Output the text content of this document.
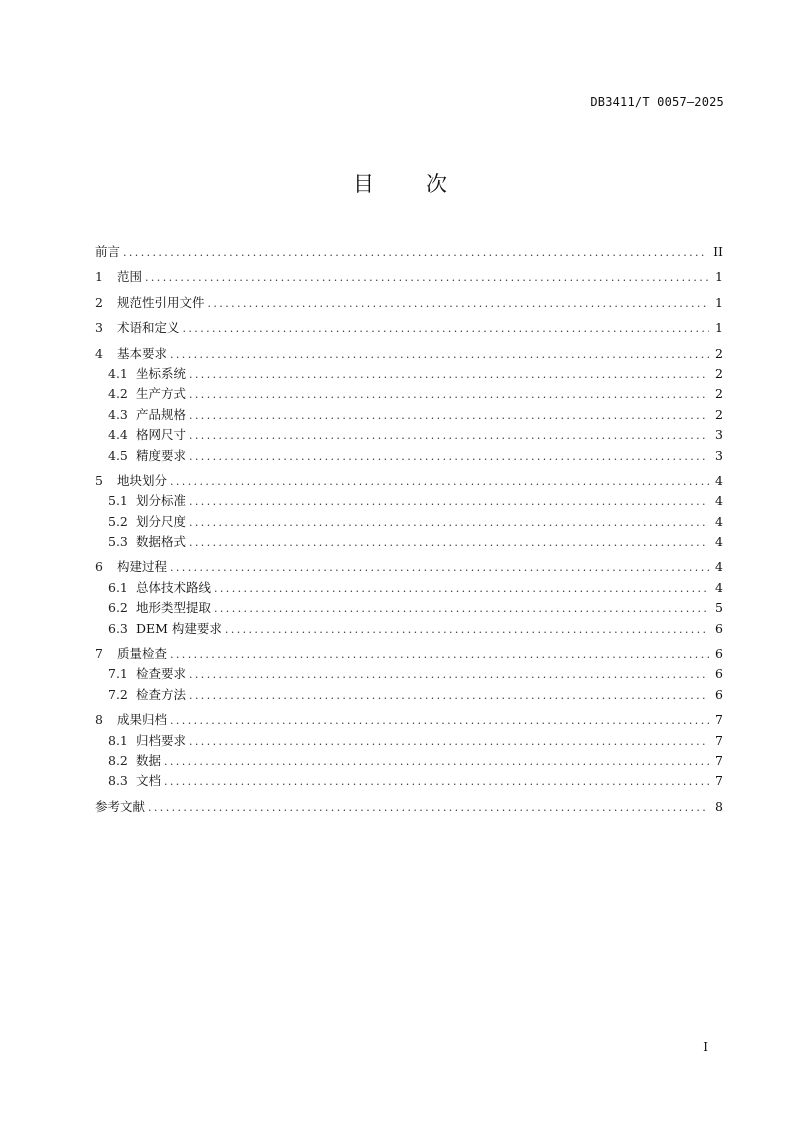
DB3411/T 0057—2025
目 次
前言 .....	II
1	范围 .....	1
2	规范性引用文件 .....	1
3	术语和定义 .....	1
4	基本要求 .....	2
4.1 坐标系统 .....	2
4.2 生产方式 .....	2
4.3 产品规格 .....	2
4.4 格网尺寸 .....	3
4.5 精度要求 .....	3
5	地块划分 .....	4
5.1 划分标准 .....	4
5.2 划分尺度 .....	4
5.3 数据格式 .....	4
6	构建过程 .....	4
6.1 总体技术路线 .....	4
6.2 地形类型提取 .....	5
6.3 DEM 构建要求 .....	6
7	质量检查 .....	6
7.1 检查要求 .....	6
7.2 检查方法 .....	6
8	成果归档 .....	7
8.1 归档要求 .....	7
8.2 数据 .....	7
8.3 文档 .....	7
参考文献 .....	8
I
